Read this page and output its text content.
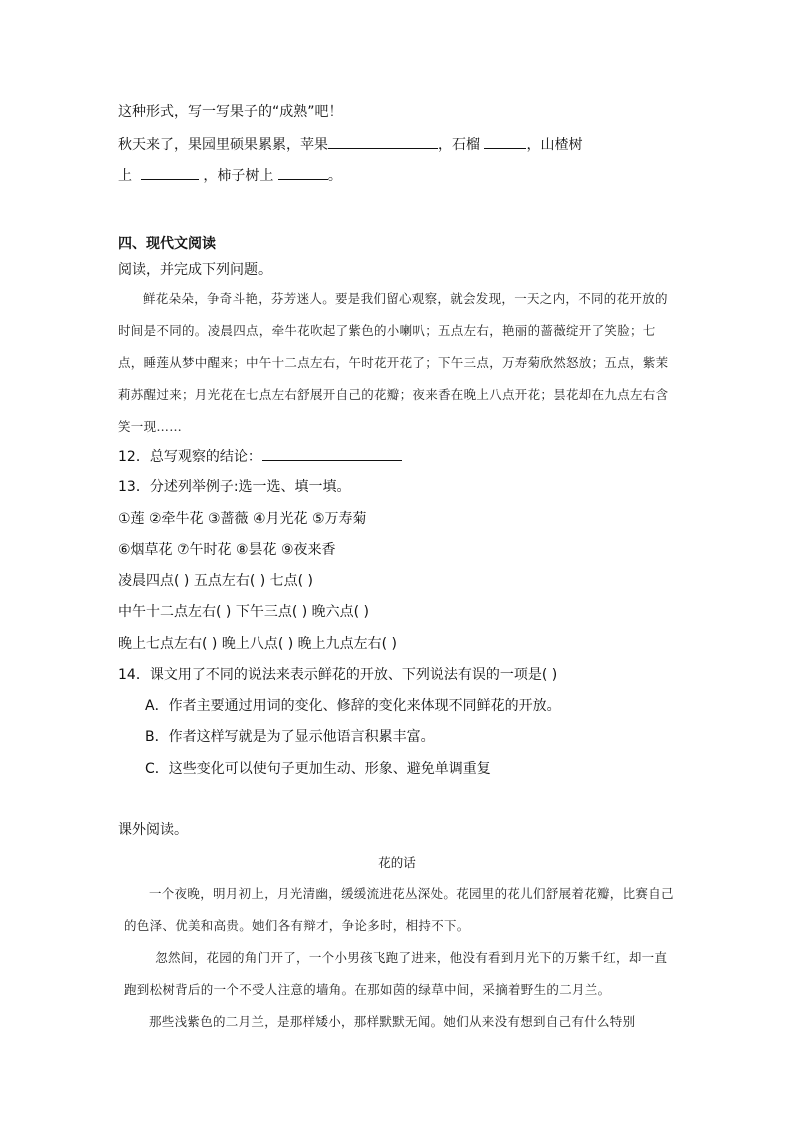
这种形式，写一写果子的“成熟”吧！
秋天来了，果园里硕果累累，苹果	，石榴	，山楂树
上	，柿子树上	。
四、现代文阅读
阅读，并完成下列问题。

鲜花朵朵，争奇斗艳，芬芳迷人。要是我们留心观察，就会发现，一天之内，不同的花开放的时间是不同的。凌晨四点，牵牛花吹起了紫色的小喇叭；五点左右，艳丽的蔷薇绽开了笑脸；七点，睡莲从梦中醒来；中午十二点左右，午时花开花了；下午三点，万寿菊欣然怒放；五点，紫茉莉苏醒过来；月光花在七点左右舒展开自己的花瓣；夜来香在晚上八点开花；昙花却在九点左右含笑一现……

12．总写观察的结论：
13．分述列举例子:选一选、填一填。
①莲 ②牵牛花 ③蔷薇 ④月光花 ⑤万寿菊
⑥烟草花 ⑦午时花 ⑧昙花 ⑨夜来香
凌晨四点( ) 五点左右( ) 七点( )
中午十二点左右( ) 下午三点( ) 晚六点( )
晚上七点左右( ) 晚上八点( ) 晚上九点左右( )
14．课文用了不同的说法来表示鲜花的开放、下列说法有误的一项是( )
A．作者主要通过用词的变化、修辞的变化来体现不同鲜花的开放。
B．作者这样写就是为了显示他语言积累丰富。
C．这些变化可以使句子更加生动、形象、避免单调重复
课外阅读。
花的话

一个夜晚，明月初上，月光清幽，缓缓流进花丛深处。花园里的花儿们舒展着花瓣，比赛自己的色泽、优美和高贵。她们各有辩才，争论多时，相持不下。

忽然间，花园的角门开了，一个小男孩飞跑了进来，他没有看到月光下的万紫千红，却一直跑到松树背后的一个不受人注意的墙角。在那如茵的绿草中间，采摘着野生的二月兰。

那些浅紫色的二月兰，是那样矮小，那样默默无闻。她们从来没有想到自己有什么特别
